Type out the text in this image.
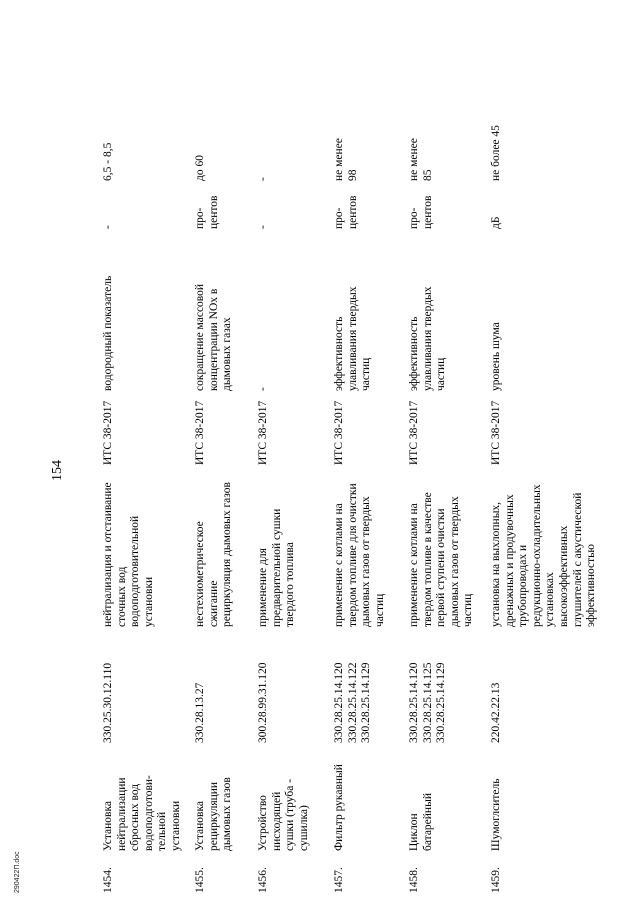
154
1454.
Установка
нейтрализации
сбросных вод
водоподготови-
тельной
установки
330.25.30.12.110
нейтрализация и отстаивание
сточных вод
водоподготовительной
установки
ИТС 38-2017
водородный показатель
-
6,5 - 8,5
1455.
Установка
рециркуляции
дымовых газов
330.28.13.27
нестехиометрическое
сжигание
рециркуляция дымовых газов
ИТС 38-2017
сокращение массовой
концентрации NOx в
дымовых газах
про-
центов
до 60
1456.
Устройство
нисходящей
сушки (труба -
сушилка)
300.28.99.31.120
применение для
предварительной сушки
твердого топлива
ИТС 38-2017
-
-
-
1457.
Фильтр рукавный
330.28.25.14.120
330.28.25.14.122
330.28.25.14.129
применение с котлами на
твердом топливе для очистки
дымовых газов от твердых
частиц
ИТС 38-2017
эффективность
улавливания твердых
частиц
про-
центов
не менее
98
1458.
Циклон
батарейный
330.28.25.14.120
330.28.25.14.125
330.28.25.14.129
применение с котлами на
твердом топливе в качестве
первой ступени очистки
дымовых газов от твердых
частиц
ИТС 38-2017
эффективность
улавливания твердых
частиц
про-
центов
не менее
85
1459.
Шумоглситель
220.42.22.13
установка на выхлопных,
дренажных и продувочных
трубопроводах и
редукционно-охладительных
установках
высокоэффективных
глушителей с акустической
эффективностью
ИТС 38-2017
уровень шума
дБ
не более 45
290422П.doc
